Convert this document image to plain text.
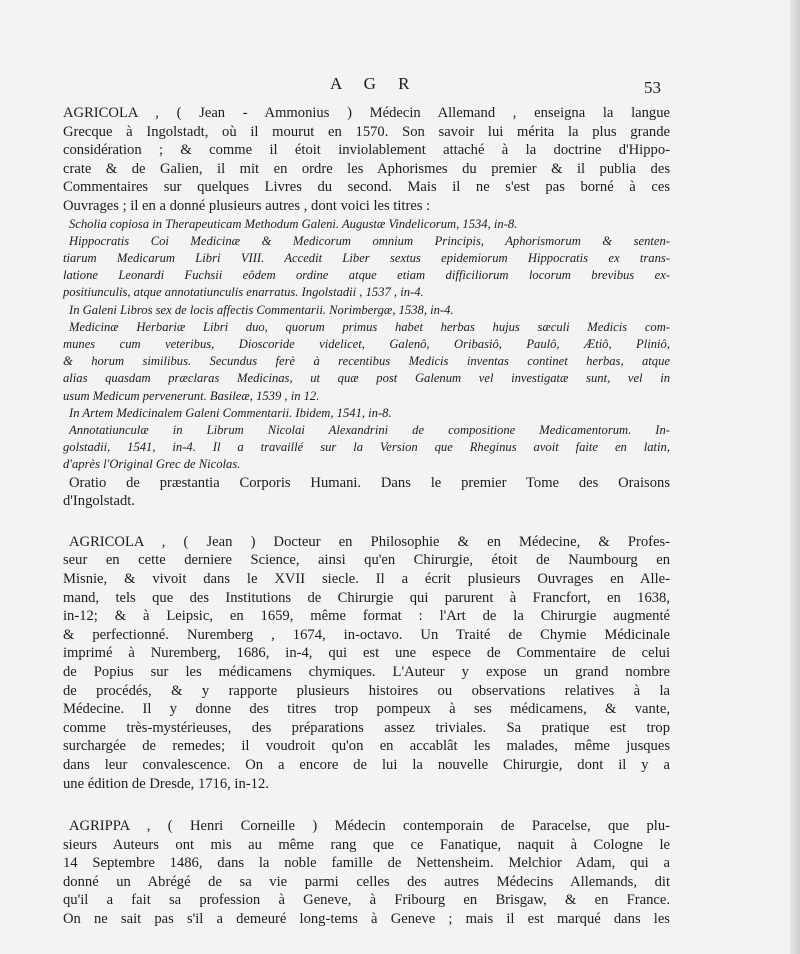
A G R	53

AGRICOLA , ( Jean - Ammonius ) Médecin Allemand , enseigna la langue

Grecque à Ingolstadt, où il mourut en 1570. Son savoir lui mérita la plus grande

considération ; & comme il étoit inviolablement attaché à la doctrine d'Hippo-

crate & de Galien, il mit en ordre les Aphorismes du premier & il publia des

Commentaires sur quelques Livres du second. Mais il ne s'est pas borné à ces

Ouvrages ; il en a donné plusieurs autres , dont voici les titres :

Scholia copiosa in Therapeuticam Methodum Galeni. Augustæ Vindelicorum, 1534, in-8.

Hippocratis Coi Medicinæ & Medicorum omnium Principis, Aphorismorum & senten-

tiarum Medicarum Libri VIII. Accedit Liber sextus epidemiorum Hippocratis ex trans-

latione Leonardi Fuchsii eôdem ordine atque etiam difficiliorum locorum brevibus ex-

positiunculis, atque annotatiunculis enarratus. Ingolstadii , 1537 , in-4.

In Galeni Libros sex de locis affectis Commentarii. Norimbergæ, 1538, in-4.

Medicinæ Herbariæ Libri duo, quorum primus habet herbas hujus sæculi Medicis com-

munes cum veteribus, Dioscoride videlicet, Galenô, Oribasiô, Paulô, Ætiô, Pliniô,

& horum similibus. Secundus ferè à recentibus Medicis inventas continet herbas, atque

alias quasdam præclaras Medicinas, ut quæ post Galenum vel investigatæ sunt, vel in

usum Medicum pervenerunt. Basileæ, 1539 , in 12.

In Artem Medicinalem Galeni Commentarii. Ibidem, 1541, in-8.

Annotatiunculæ in Librum Nicolai Alexandrini de compositione Medicamentorum. In-

golstadii, 1541, in-4. Il a travaillé sur la Version que Rheginus avoit faite en latin,

d'après l'Original Grec de Nicolas.

Oratio de præstantia Corporis Humani. Dans le premier Tome des Oraisons

d'Ingolstadt.

AGRICOLA , ( Jean ) Docteur en Philosophie & en Médecine, & Profes-

seur en cette derniere Science, ainsi qu'en Chirurgie, étoit de Naumbourg en

Misnie, & vivoit dans le XVII siecle. Il a écrit plusieurs Ouvrages en Alle-

mand, tels que des Institutions de Chirurgie qui parurent à Francfort, en 1638,

in-12; & à Leipsic, en 1659, même format : l'Art de la Chirurgie augmenté

& perfectionné. Nuremberg , 1674, in-octavo. Un Traité de Chymie Médicinale

imprimé à Nuremberg, 1686, in-4, qui est une espece de Commentaire de celui

de Popius sur les médicamens chymiques. L'Auteur y expose un grand nombre

de procédés, & y rapporte plusieurs histoires ou observations relatives à la

Médecine. Il y donne des titres trop pompeux à ses médicamens, & vante,

comme très-mystérieuses, des préparations assez triviales. Sa pratique est trop

surchargée de remedes; il voudroit qu'on en accablât les malades, même jusques

dans leur convalescence. On a encore de lui la nouvelle Chirurgie, dont il y a

une édition de Dresde, 1716, in-12.

AGRIPPA , ( Henri Corneille ) Médecin contemporain de Paracelse, que plu-

sieurs Auteurs ont mis au même rang que ce Fanatique, naquit à Cologne le

14 Septembre 1486, dans la noble famille de Nettensheim. Melchior Adam, qui a

donné un Abrégé de sa vie parmi celles des autres Médecins Allemands, dit

qu'il a fait sa profession à Geneve, à Fribourg en Brisgaw, & en France.

On ne sait pas s'il a demeuré long-tems à Geneve ; mais il est marqué dans les
